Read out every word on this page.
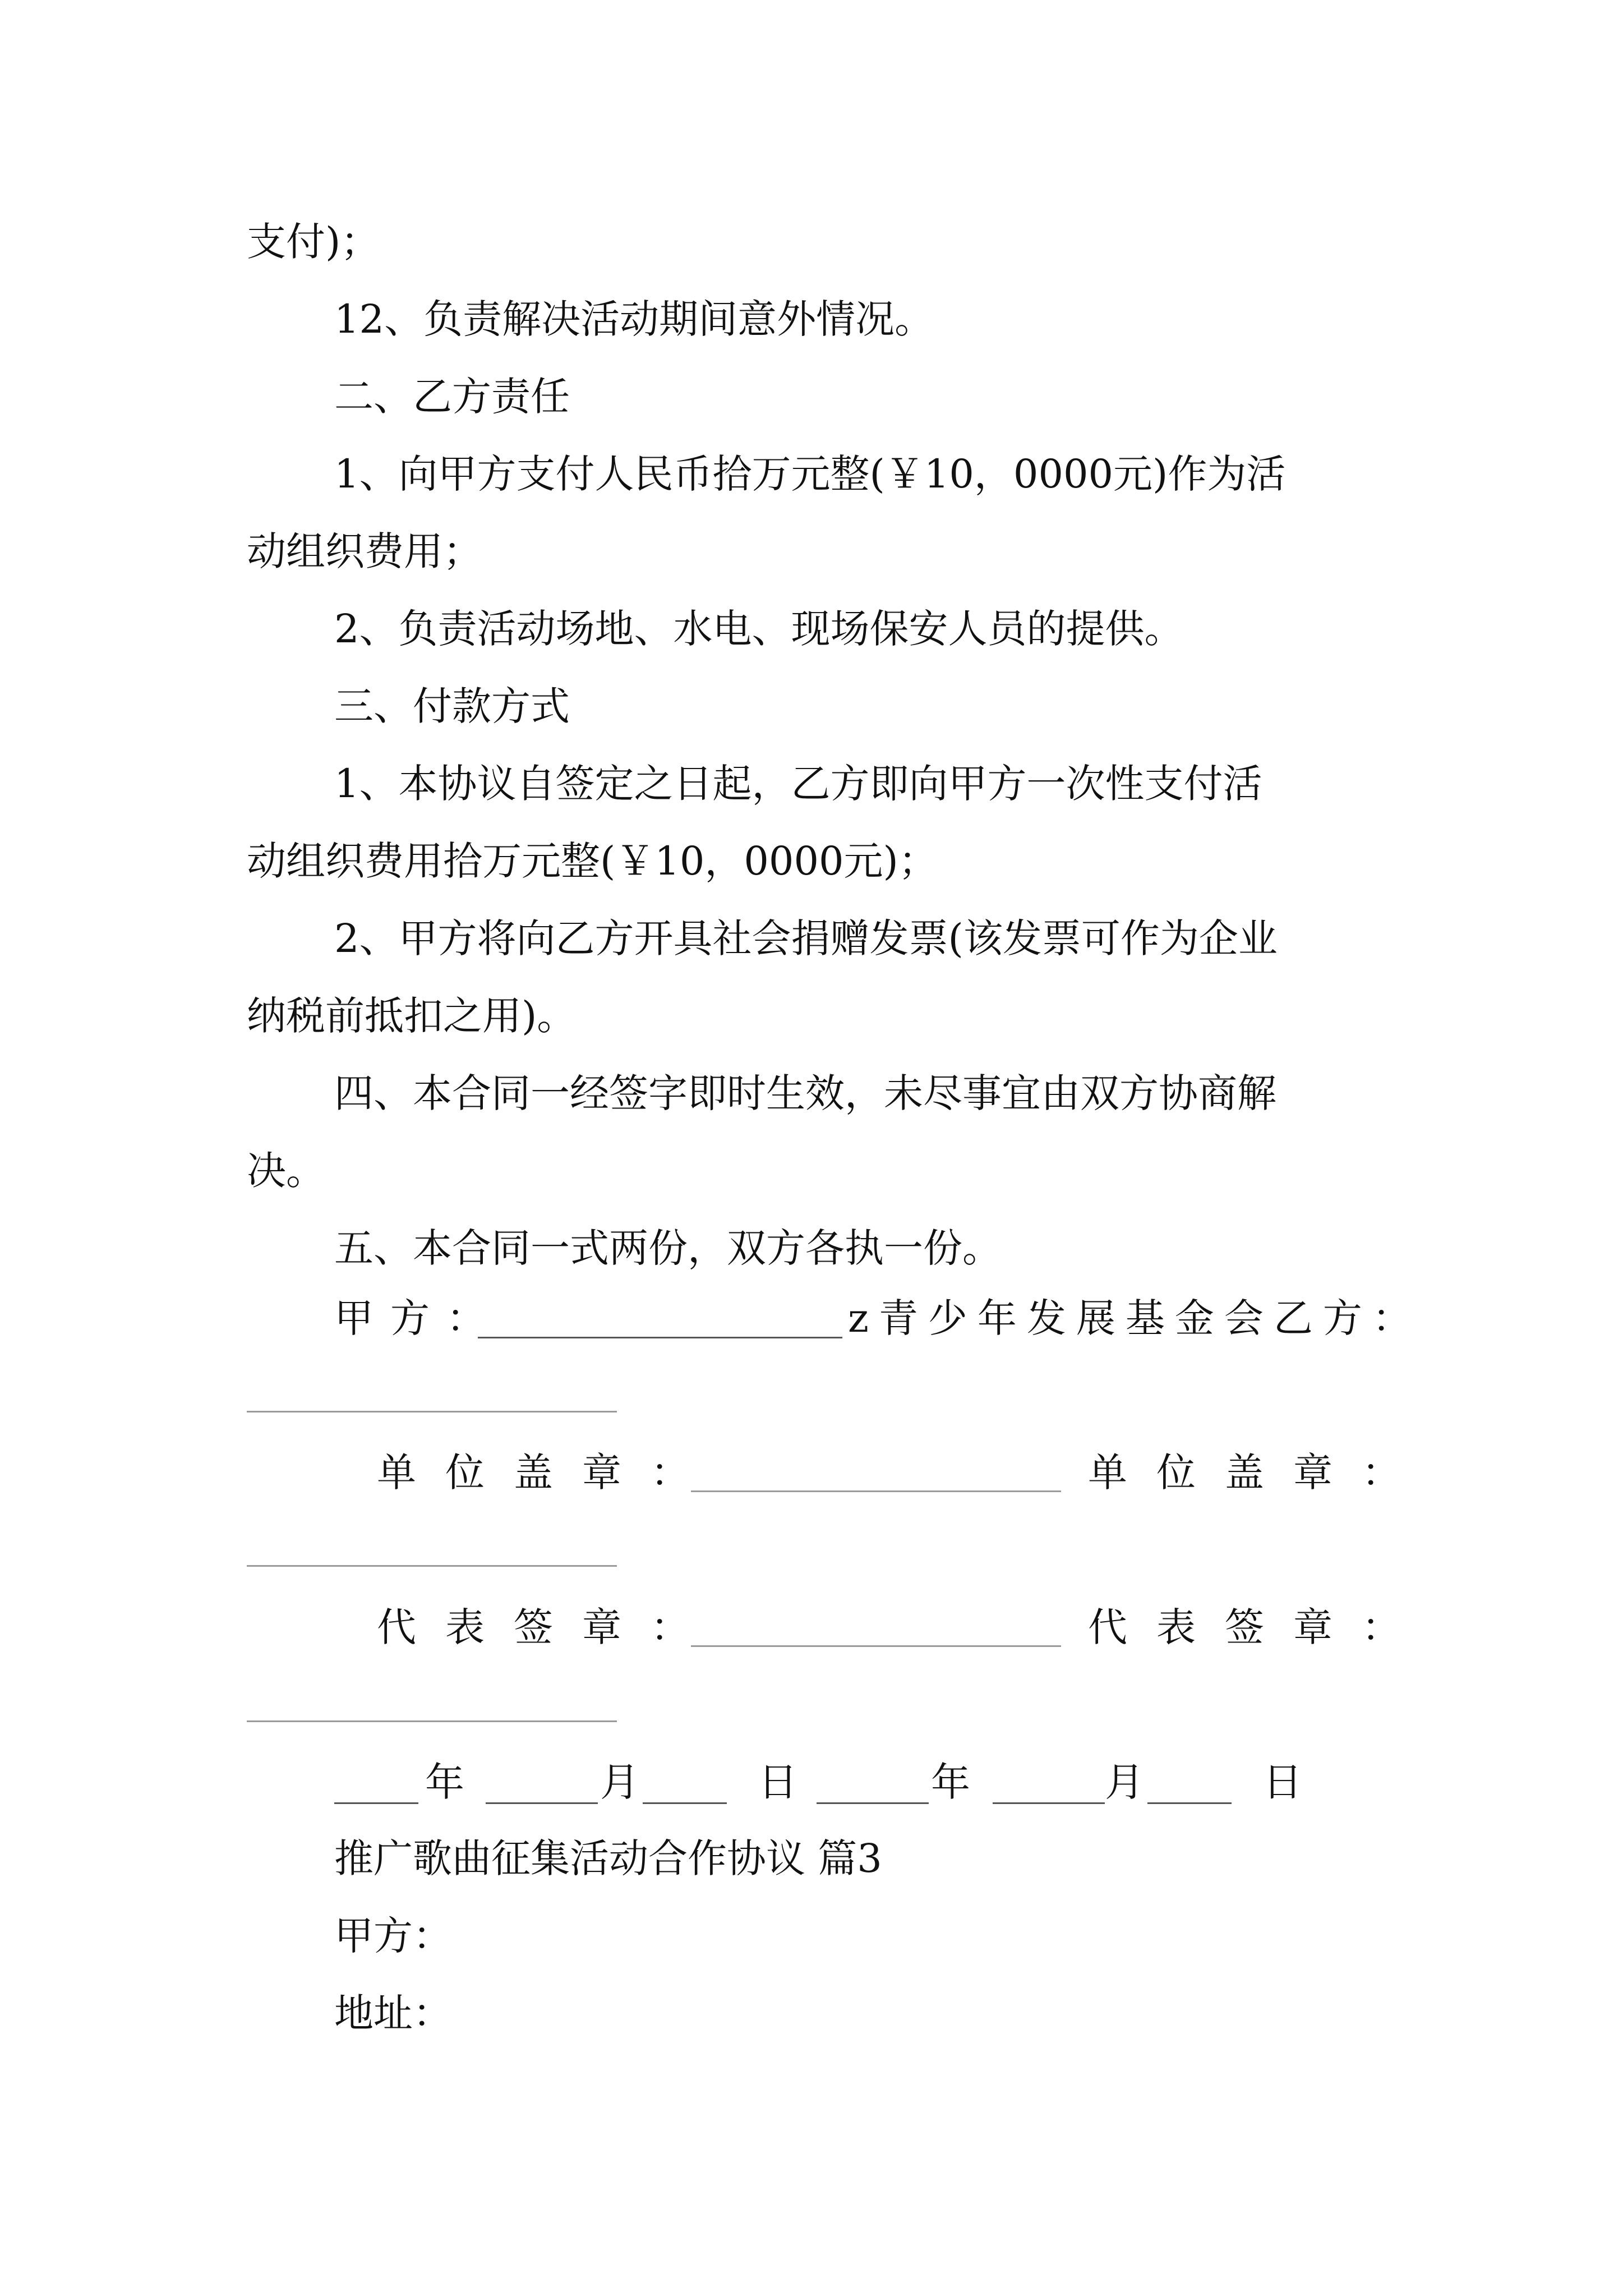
支付)；
12、负责解决活动期间意外情况。
二、乙方责任
1、向甲方支付人民币拾万元整(￥10，0000元)作为活
动组织费用；
2、负责活动场地、水电、现场保安人员的提供。
三、付款方式
1、本协议自签定之日起，乙方即向甲方一次性支付活
动组织费用拾万元整(￥10，0000元)；
2、甲方将向乙方开具社会捐赠发票(该发票可作为企业
纳税前抵扣之用)。
四、本合同一经签字即时生效，未尽事宜由双方协商解
决。
五、本合同一式两份，双方各执一份。
甲方：	z青少年发展基金会乙方：
单位盖章：	单位盖章：
代表签章：	代表签章：
年	月	日	年	月	日
推广歌曲征集活动合作协议 篇3
甲方：
地址：
